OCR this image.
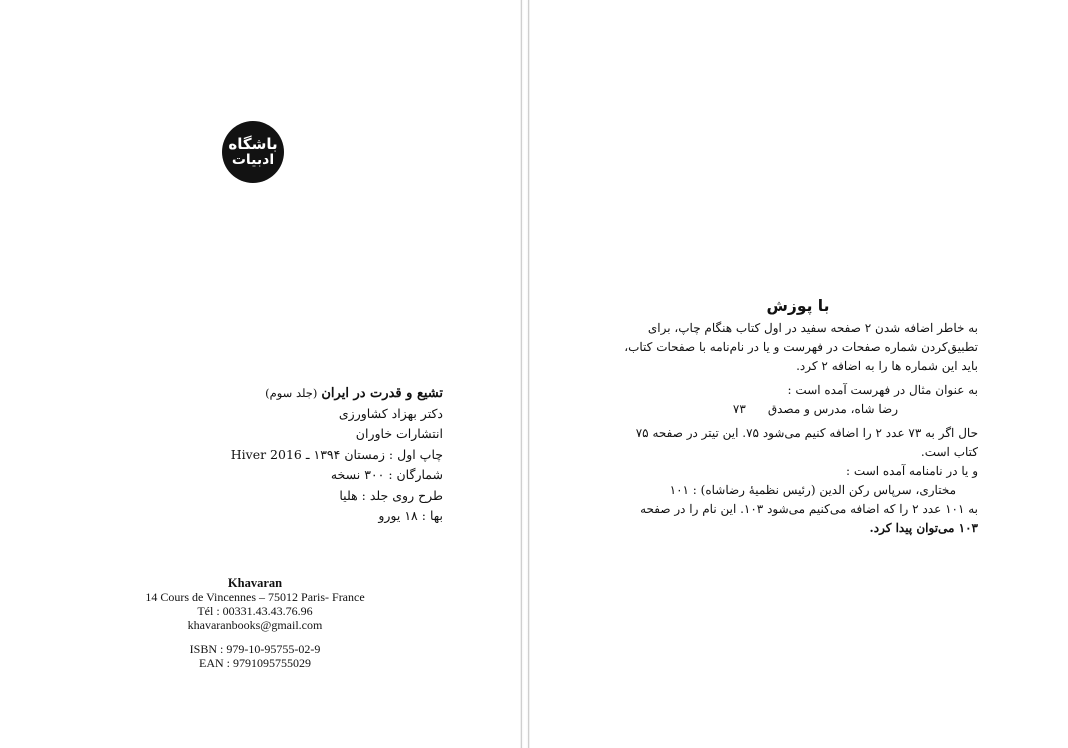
باشگاه
ادبیات
تشیع و قدرت در ایران (جلد سوم)
دکتر بهزاد کشاورزی
انتشارات خاوران
چاپ اول : زمستان ۱۳۹۴ ـ Hiver 2016
شمارگان : ۳۰۰ نسخه
طرح روی جلد : هلیا
بها : ۱۸ یورو
Khavaran
14 Cours de Vincennes – 75012 Paris- France
Tél : 00331.43.43.76.96
khavaranbooks@gmail.com
ISBN : 979-10-95755-02-9
EAN : 9791095755029
با پوزش
به خاطر اضافه شدن ۲ صفحه سفید در اول کتاب هنگام چاپ، برای
تطبیق‌کردن شماره صفحات در فهرست و یا در نام‌نامه با صفحات کتاب،
باید این شماره ها را به اضافه ۲ کرد.
به عنوان مثال در فهرست آمده است :
رضا شاه، مدرس و مصدق
۷۳
حال اگر به ۷۳ عدد ۲ را اضافه کنیم می‌شود ۷۵. این تیتر در صفحه ۷۵
کتاب است.
و یا در نامنامه آمده است :
مختاری، سرپاس رکن الدین (رئیس نظمیهٔ رضاشاه) : ۱۰۱
به ۱۰۱ عدد ۲ را که اضافه می‌کنیم می‌شود ۱۰۳. این نام را در صفحه
۱۰۳ می‌توان پیدا کرد.
